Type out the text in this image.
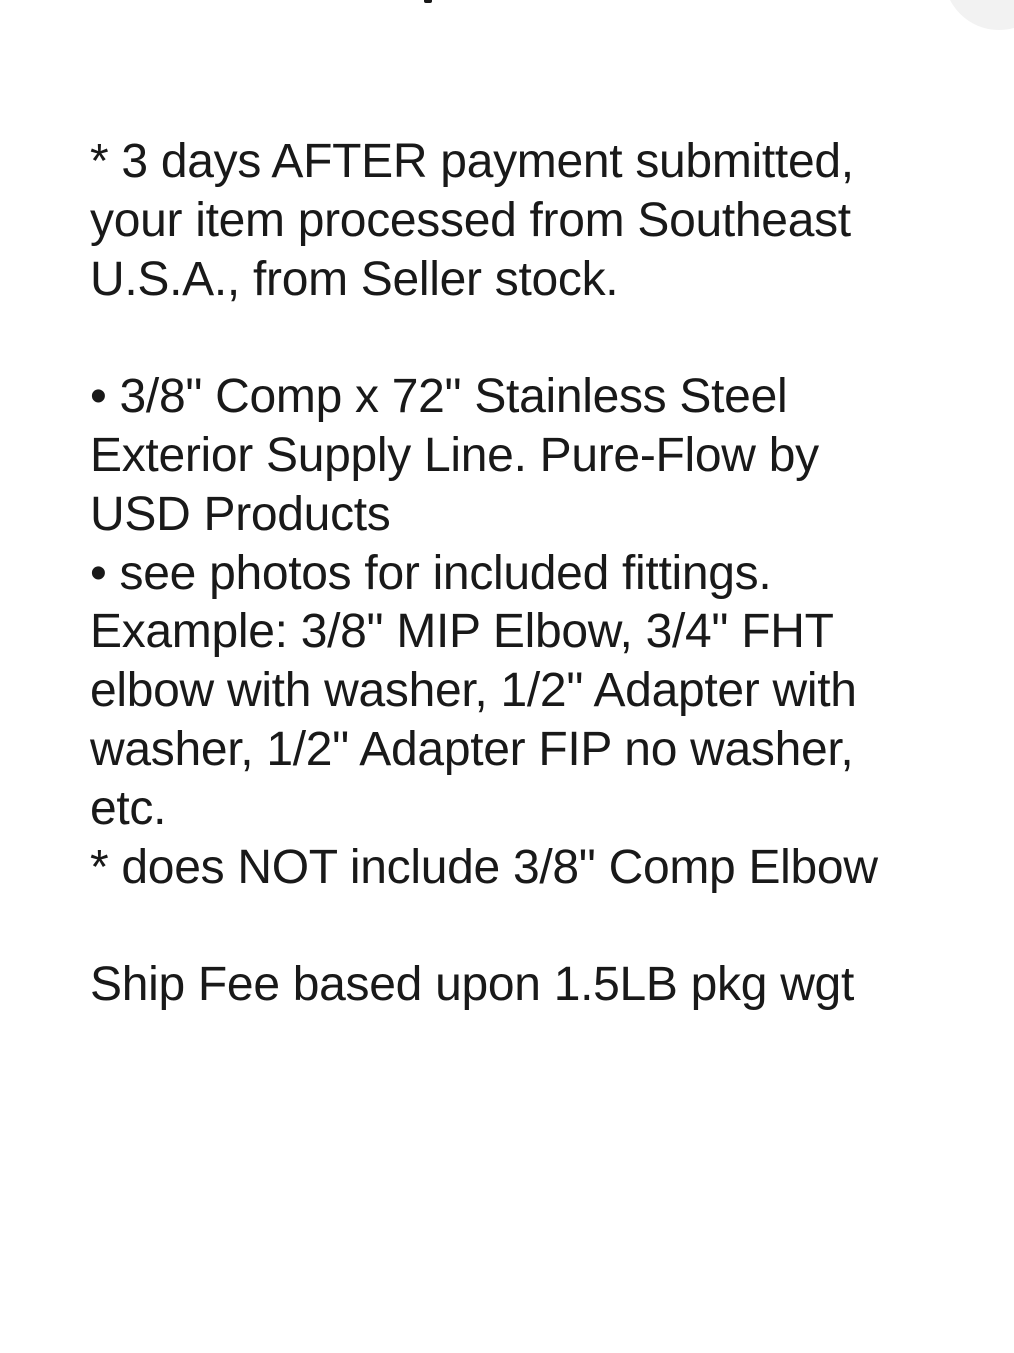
* 3 days AFTER payment submitted,
your item processed from Southeast
U.S.A., from Seller stock.
• 3/8" Comp x 72" Stainless Steel
Exterior Supply Line. Pure-Flow by
USD Products
• see photos for included fittings.
Example: 3/8" MIP Elbow, 3/4" FHT
elbow with washer, 1/2" Adapter with
washer, 1/2" Adapter FIP no washer,
etc.
* does NOT include 3/8" Comp Elbow
Ship Fee based upon 1.5LB pkg wgt
